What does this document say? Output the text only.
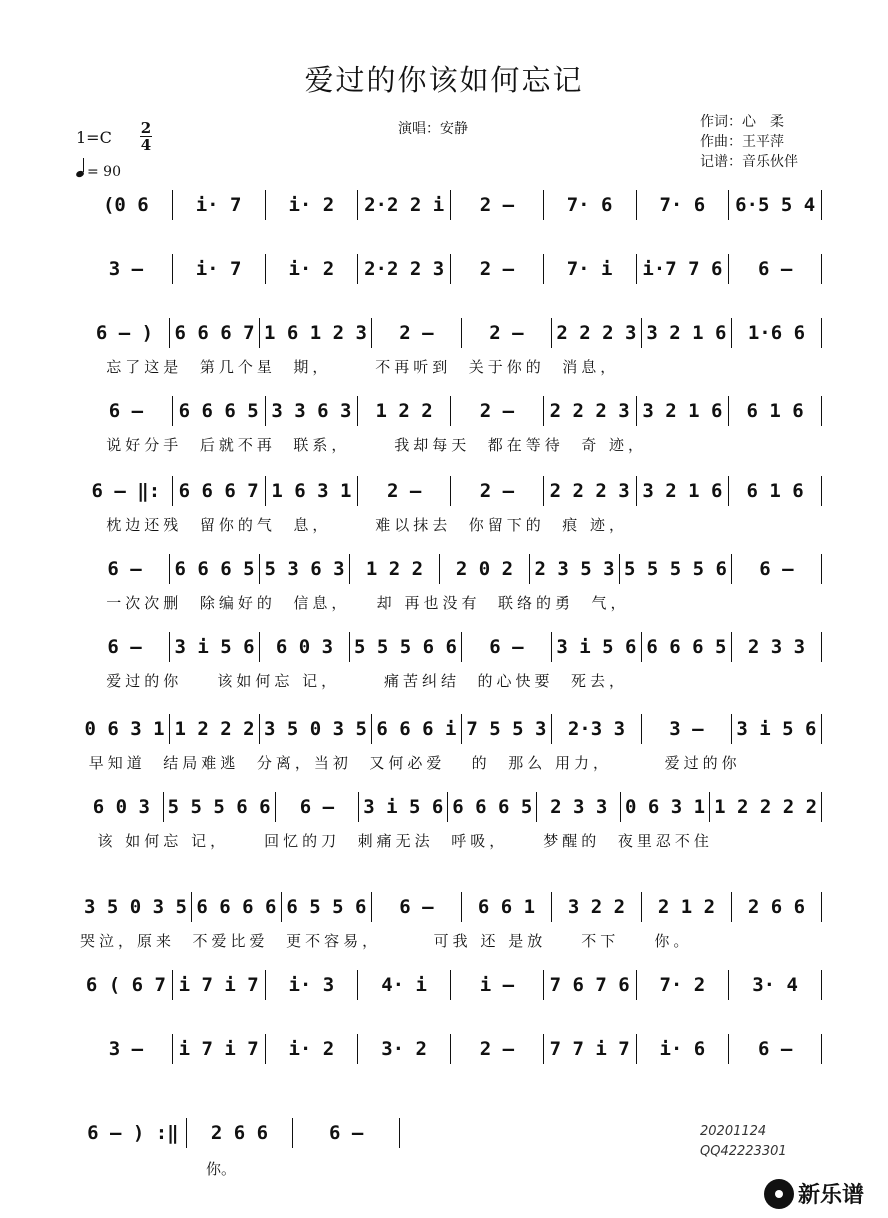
爱过的你该如何忘记
1=C 2
4
= 90
演唱：安静	作词：心　柔
作曲：王平萍
记谱：音乐伙伴
(0 6	i· 7	i· 2	2·2 2 i	2 –	7· 6	7· 6	6·5 5 4
3 –	i· 7	i· 2	2·2 2 3	2 –	7· i	i·7 7 6	6 –
6 – )	6 6 6 7 1 6 1 2 3	2 –	2 –	2 2 2 3 3 2 1 6	1·6 6
忘了这是  第几个星  期，     不再听到  关于你的  消息，
6 –	6 6 6 5 3 3 6 3	1 2 2	2 –	2 2 2 3 3 2 1 6	6 1 6
说好分手  后就不再  联系，     我却每天  都在等待  奇 迹，
6 – ‖: 6 6 6 7 1 6 3 1	2 –	2 –	2 2 2 3 3 2 1 6	6 1 6
枕边还残  留你的气  息，     难以抹去  你留下的  痕 迹，
6 –	6 6 6 5 5 3 6 3	1 2 2	2 0 2	2 3 5 3 5 5 5 5 6	6 –
一次次删  除编好的  信息，   却 再也没有  联络的勇  气，
6 –	3 i 5 6	6 0 3	5 5 5 6 6	6 –	3 i 5 6 6 6 6 5	2 3 3
爱过的你    该如何忘 记，     痛苦纠结  的心快要  死去，
0 6 3 1 1 2 2 2 3 5 0 3 5 6 6 6 i 7 5 5 3	2·3 3	3 –	3 i 5 6
早知道  结局难逃  分离，当初  又何必爱   的  那么 用力，      爱过的你
6 0 3 5 5 5 6 6	6 –	3 i 5 6 6 6 6 5 2 3 3 0 6 3 1 1 2 2 2 2
该 如何忘 记，    回忆的刀  刺痛无法  呼吸，    梦醒的  夜里忍不住
3 5 0 3 5 6 6 6 6 6 5 5 6	6 –	6 6 1	3 2 2	2 1 2	2 6 6
哭泣，原来  不爱比爱  更不容易，      可我 还 是放    不下    你。
6 ( 6 7 i 7 i 7	i· 3	4· i	i –	7 6 7 6	7· 2	3· 4
3 –	i 7 i 7	i· 2	3· 2	2 –	7 7 i 7	i· 6	6 –
6 – ) :‖	2 6 6	6 –
你。
20201124
QQ42223301
新乐谱
